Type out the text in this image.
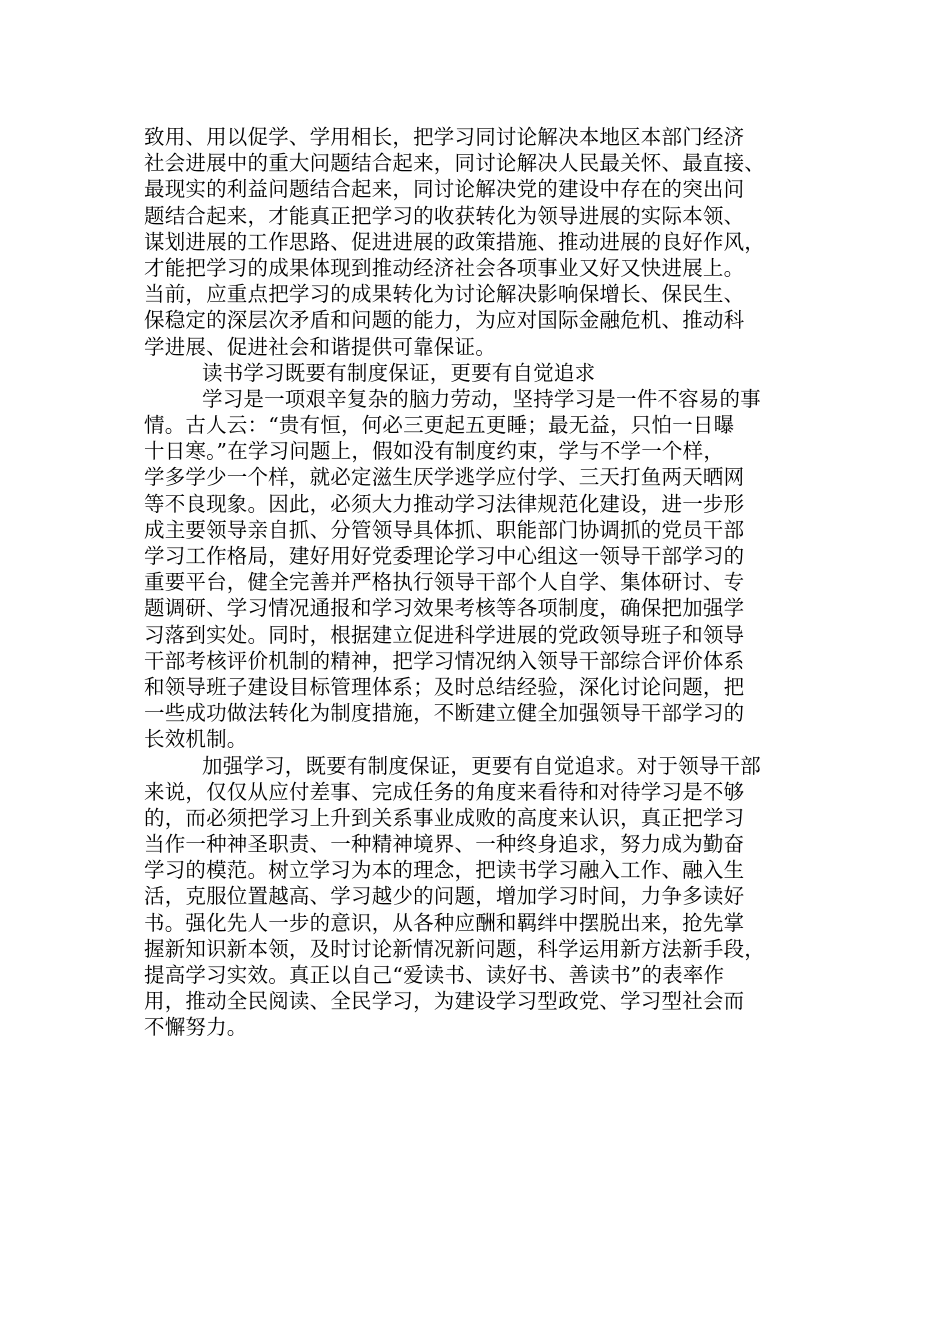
致用、用以促学、学用相长，把学习同讨论解决本地区本部门经济
社会进展中的重大问题结合起来，同讨论解决人民最关怀、最直接、
最现实的利益问题结合起来，同讨论解决党的建设中存在的突出问
题结合起来，才能真正把学习的收获转化为领导进展的实际本领、
谋划进展的工作思路、促进进展的政策措施、推动进展的良好作风，
才能把学习的成果体现到推动经济社会各项事业又好又快进展上。
当前，应重点把学习的成果转化为讨论解决影响保增长、保民生、
保稳定的深层次矛盾和问题的能力，为应对国际金融危机、推动科
学进展、促进社会和谐提供可靠保证。
读书学习既要有制度保证，更要有自觉追求
学习是一项艰辛复杂的脑力劳动，坚持学习是一件不容易的事
情。古人云：“贵有恒，何必三更起五更睡；最无益，只怕一日曝
十日寒。”在学习问题上，假如没有制度约束，学与不学一个样，
学多学少一个样，就必定滋生厌学逃学应付学、三天打鱼两天晒网
等不良现象。因此，必须大力推动学习法律规范化建设，进一步形
成主要领导亲自抓、分管领导具体抓、职能部门协调抓的党员干部
学习工作格局，建好用好党委理论学习中心组这一领导干部学习的
重要平台，健全完善并严格执行领导干部个人自学、集体研讨、专
题调研、学习情况通报和学习效果考核等各项制度，确保把加强学
习落到实处。同时，根据建立促进科学进展的党政领导班子和领导
干部考核评价机制的精神，把学习情况纳入领导干部综合评价体系
和领导班子建设目标管理体系；及时总结经验，深化讨论问题，把
一些成功做法转化为制度措施，不断建立健全加强领导干部学习的
长效机制。
加强学习，既要有制度保证，更要有自觉追求。对于领导干部
来说，仅仅从应付差事、完成任务的角度来看待和对待学习是不够
的，而必须把学习上升到关系事业成败的高度来认识，真正把学习
当作一种神圣职责、一种精神境界、一种终身追求，努力成为勤奋
学习的模范。树立学习为本的理念，把读书学习融入工作、融入生
活，克服位置越高、学习越少的问题，增加学习时间，力争多读好
书。强化先人一步的意识，从各种应酬和羁绊中摆脱出来，抢先掌
握新知识新本领，及时讨论新情况新问题，科学运用新方法新手段，
提高学习实效。真正以自己“爱读书、读好书、善读书”的表率作
用，推动全民阅读、全民学习，为建设学习型政党、学习型社会而
不懈努力。
